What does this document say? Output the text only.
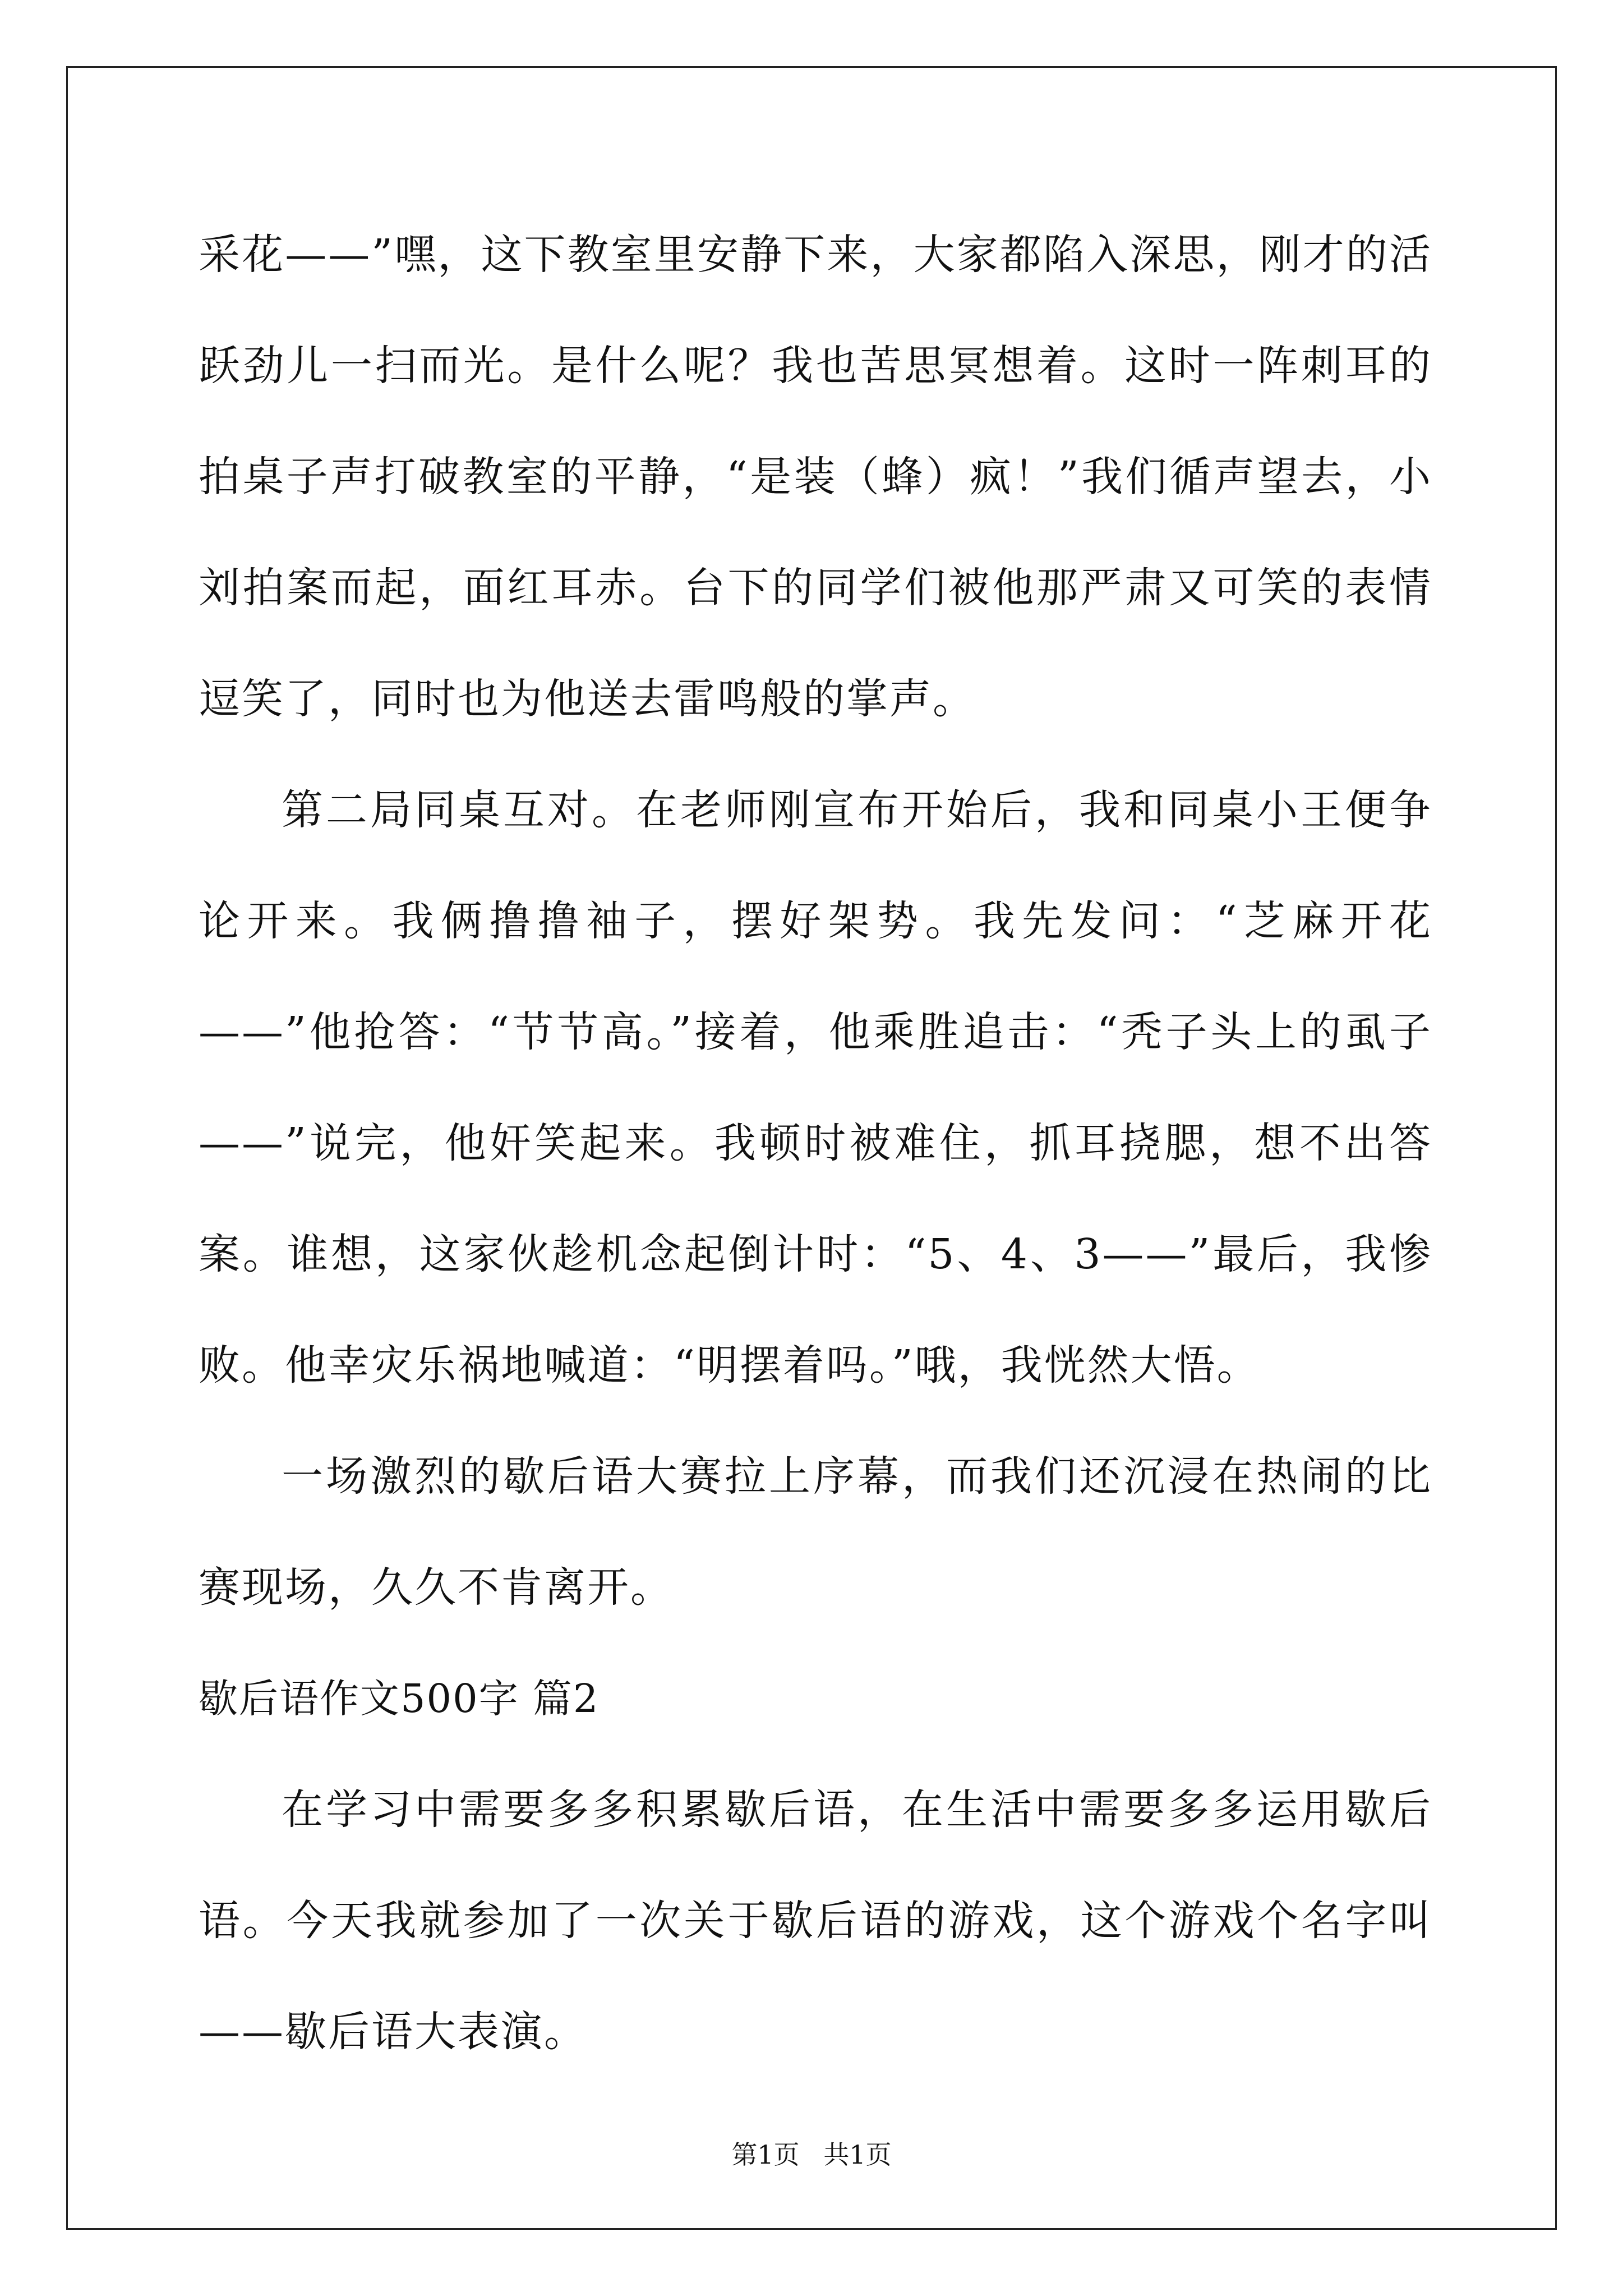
采花——”嘿，这下教室里安静下来，大家都陷入深思，刚才的活跃劲儿一扫而光。是什么呢？我也苦思冥想着。这时一阵刺耳的拍桌子声打破教室的平静，“是装（蜂）疯！”我们循声望去，小刘拍案而起，面红耳赤。台下的同学们被他那严肃又可笑的表情逗笑了，同时也为他送去雷鸣般的掌声。

第二局同桌互对。在老师刚宣布开始后，我和同桌小王便争论开来。我俩撸撸袖子，摆好架势。我先发问：“芝麻开花——”他抢答：“节节高。”接着，他乘胜追击：“秃子头上的虱子——”说完，他奸笑起来。我顿时被难住，抓耳挠腮，想不出答案。谁想，这家伙趁机念起倒计时：“5、4、3——”最后，我惨败。他幸灾乐祸地喊道：“明摆着吗。”哦，我恍然大悟。

一场激烈的歇后语大赛拉上序幕，而我们还沉浸在热闹的比赛现场，久久不肯离开。

歇后语作文500字 篇2

在学习中需要多多积累歇后语，在生活中需要多多运用歇后语。今天我就参加了一次关于歇后语的游戏，这个游戏个名字叫——歇后语大表演。

第1页 共1页
